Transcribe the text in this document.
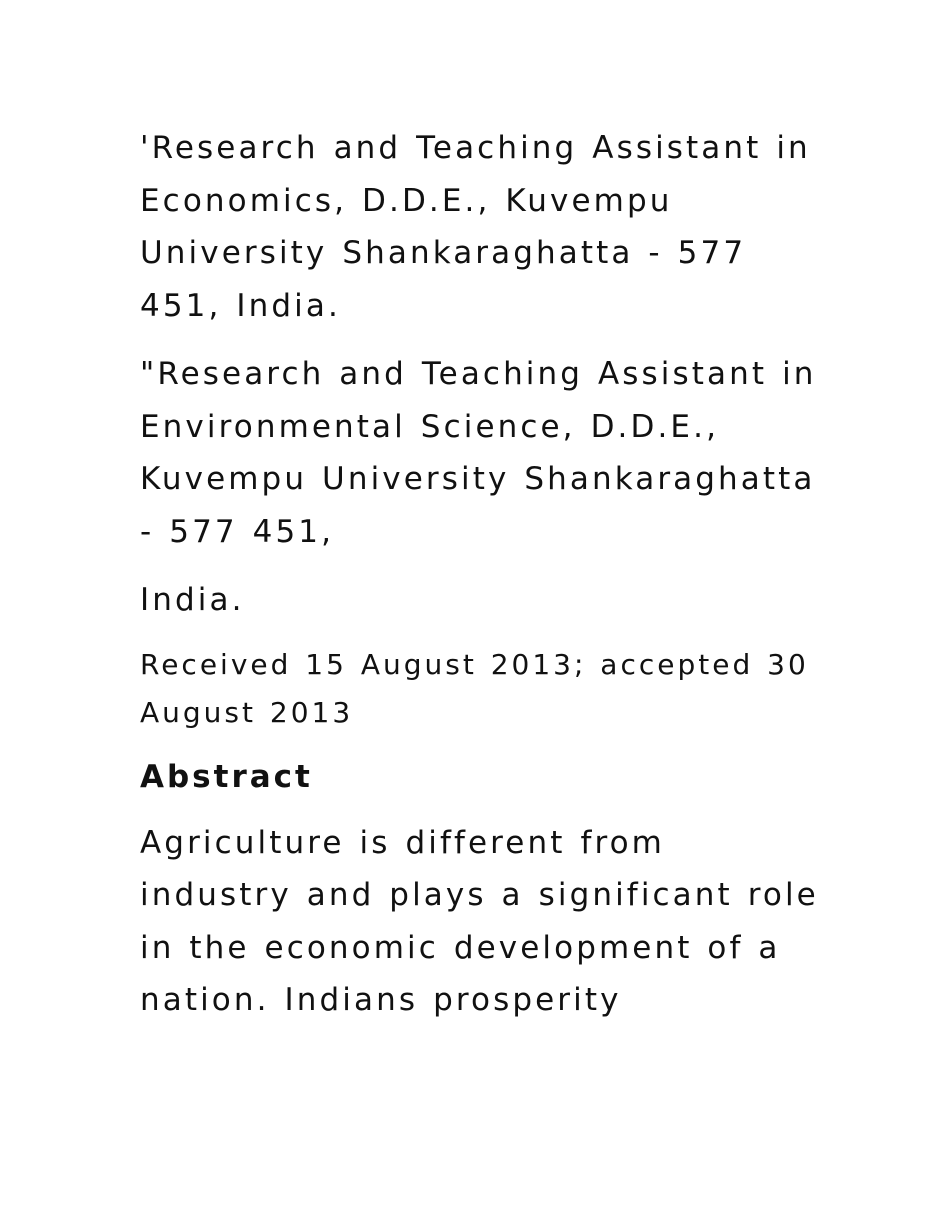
'Research and Teaching Assistant in Economics, D.D.E., Kuvempu University Shankaraghatta - 577 451, India.

"Research and Teaching Assistant in Environmental Science, D.D.E., Kuvempu University Shankaraghatta - 577 451,

India.

Received 15 August 2013; accepted 30 August 2013

Abstract

Agriculture is different from industry and plays a significant role in the economic development of a nation. Indians prosperity
